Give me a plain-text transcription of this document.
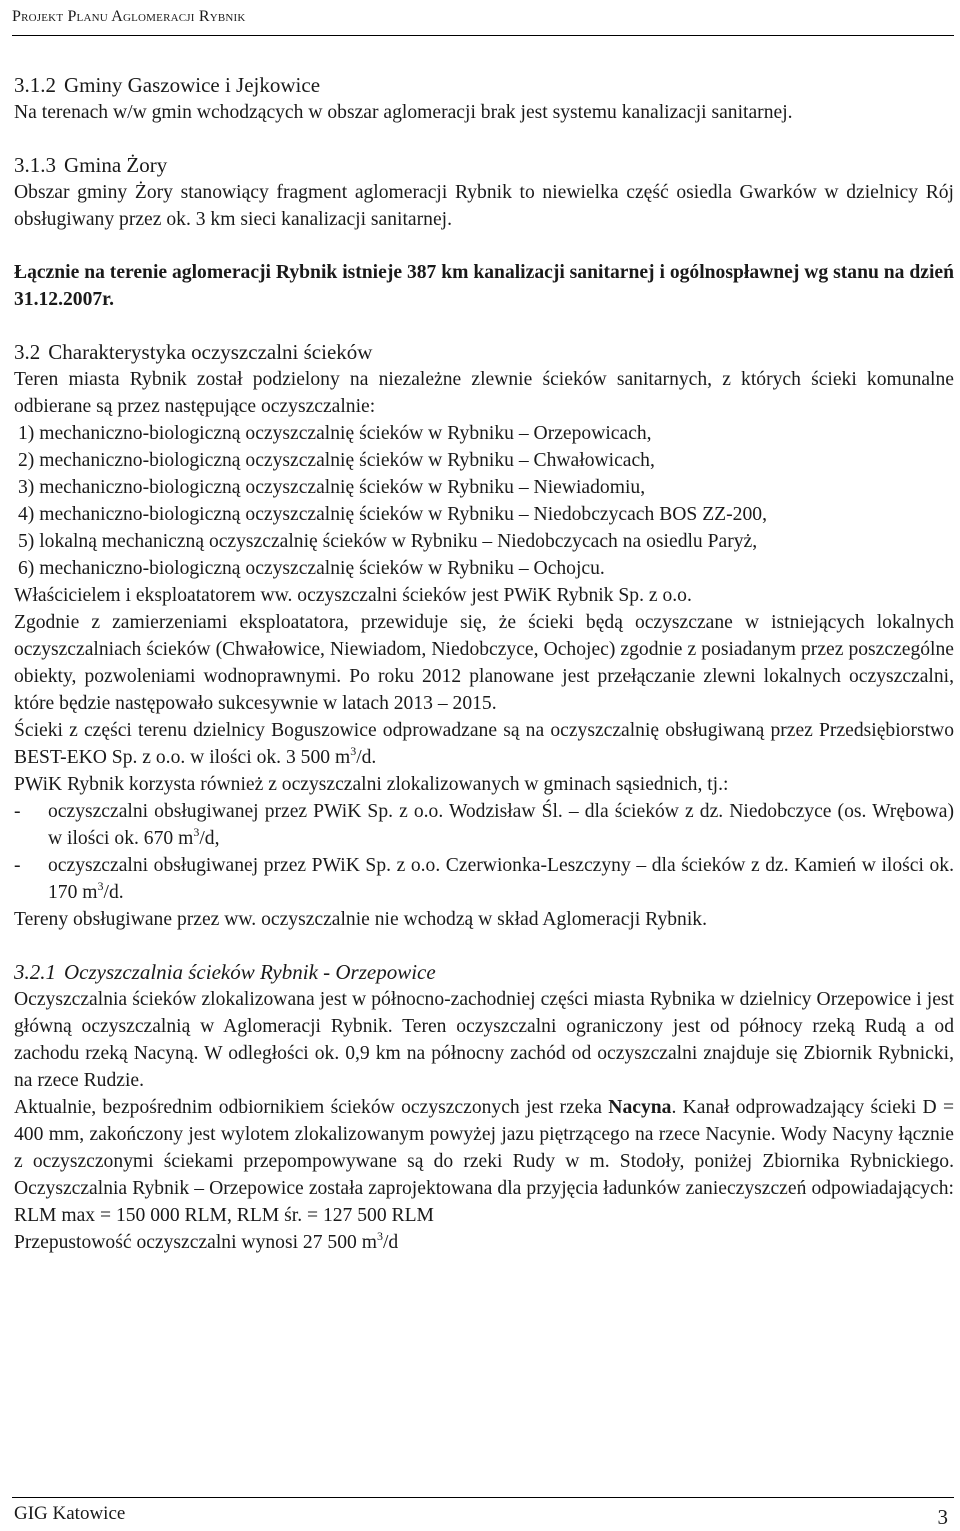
Projekt Planu Aglomeracji Rybnik
3.1.2 Gminy Gaszowice i Jejkowice

Na terenach w/w gmin wchodzących w obszar aglomeracji brak jest systemu kanalizacji sanitarnej.

3.1.3 Gmina Żory

Obszar gminy Żory stanowiący fragment aglomeracji Rybnik to niewielka część osiedla Gwarków w dzielnicy Rój obsługiwany przez ok. 3 km sieci kanalizacji sanitarnej.

Łącznie na terenie aglomeracji Rybnik istnieje 387 km kanalizacji sanitarnej i ogólnospławnej wg stanu na dzień 31.12.2007r.

3.2 Charakterystyka oczyszczalni ścieków

Teren miasta Rybnik został podzielony na niezależne zlewnie ścieków sanitarnych, z których ścieki komunalne odbierane są przez następujące oczyszczalnie:

1) mechaniczno-biologiczną oczyszczalnię ścieków w Rybniku – Orzepowicach,
2) mechaniczno-biologiczną oczyszczalnię ścieków w Rybniku – Chwałowicach,
3) mechaniczno-biologiczną oczyszczalnię ścieków w Rybniku – Niewiadomiu,
4) mechaniczno-biologiczną oczyszczalnię ścieków w Rybniku – Niedobczycach BOS ZZ-200,
5) lokalną mechaniczną oczyszczalnię ścieków w Rybniku – Niedobczycach na osiedlu Paryż,
6) mechaniczno-biologiczną oczyszczalnię ścieków w Rybniku – Ochojcu.

Właścicielem i eksploatatorem ww. oczyszczalni ścieków jest PWiK Rybnik Sp. z o.o.

Zgodnie z zamierzeniami eksploatatora, przewiduje się, że ścieki będą oczyszczane w istniejących lokalnych oczyszczalniach ścieków (Chwałowice, Niewiadom, Niedobczyce, Ochojec) zgodnie z posiadanym przez poszczególne obiekty, pozwoleniami wodnoprawnymi. Po roku 2012 planowane jest przełączanie zlewni lokalnych oczyszczalni, które będzie następowało sukcesywnie w latach 2013 – 2015.

Ścieki z części terenu dzielnicy Boguszowice odprowadzane są na oczyszczalnię obsługiwaną przez Przedsiębiorstwo BEST-EKO Sp. z o.o. w ilości ok. 3 500 $m^3/d$.

PWiK Rybnik korzysta również z oczyszczalni zlokalizowanych w gminach sąsiednich, tj.:

-	oczyszczalni obsługiwanej przez PWiK Sp. z o.o. Wodzisław Śl. – dla ścieków z dz. Niedobczyce (os. Wrębowa) w ilości ok. 670 $m^3/d$,
-	oczyszczalni obsługiwanej przez PWiK Sp. z o.o. Czerwionka-Leszczyny – dla ścieków z dz. Kamień w ilości ok. 170 $m^3/d$.

Tereny obsługiwane przez ww. oczyszczalnie nie wchodzą w skład Aglomeracji Rybnik.

3.2.1 Oczyszczalnia ścieków Rybnik - Orzepowice

Oczyszczalnia ścieków zlokalizowana jest w północno-zachodniej części miasta Rybnika w dzielnicy Orzepowice i jest główną oczyszczalnią w Aglomeracji Rybnik. Teren oczyszczalni ograniczony jest od północy rzeką Rudą a od zachodu rzeką Nacyną. W odległości ok. 0,9 km na północny zachód od oczyszczalni znajduje się Zbiornik Rybnicki, na rzece Rudzie.

Aktualnie, bezpośrednim odbiornikiem ścieków oczyszczonych jest rzeka Nacyna. Kanał odprowadzający ścieki D = 400 mm, zakończony jest wylotem zlokalizowanym powyżej jazu piętrzącego na rzece Nacynie. Wody Nacyny łącznie z oczyszczonymi ściekami przepompowywane są do rzeki Rudy w m. Stodoły, poniżej Zbiornika Rybnickiego. Oczyszczalnia Rybnik – Orzepowice została zaprojektowana dla przyjęcia ładunków zanieczyszczeń odpowiadających: RLM max = 150 000 RLM, RLM śr. = 127 500 RLM

Przepustowość oczyszczalni wynosi 27 500 $m^3/d$

GIG Katowice	3
